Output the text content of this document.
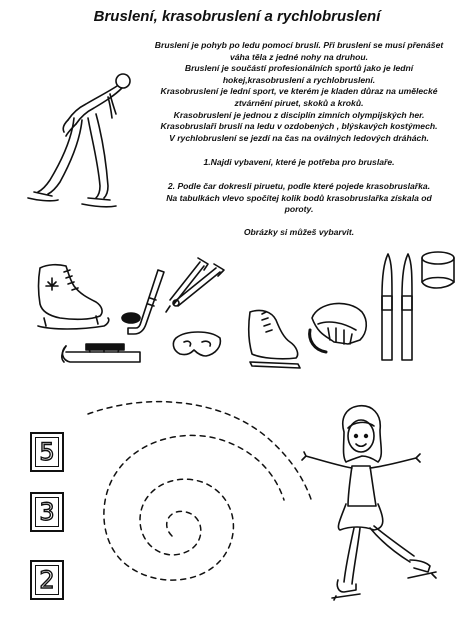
Bruslení, krasobruslení a rychlobruslení
Bruslení je pohyb po ledu pomocí bruslí. Při bruslení se musí přenášet
váha těla z jedné nohy na druhou.
Bruslení je součástí profesionálních sportů jako je lední
hokej,krasobruslení a rychlobruslení.
Krasobruslení je lední sport, ve kterém je kladen důraz na umělecké
ztvárnění piruet, skoků a kroků.
Krasobruslení je jednou z disciplín zimních olympijských her.
Krasobruslaři bruslí na ledu v ozdobených , blýskavých kostýmech.
V rychlobruslení se jezdí na čas na oválných ledových dráhách.
1.Najdi vybavení, které je potřeba pro bruslaře.
2. Podle čar dokresli piruetu, podle které pojede krasobruslařka.
Na tabulkách vlevo spočítej kolik bodů krasobruslařka získala od
poroty.
Obrázky si můžeš vybarvit.
5
3
2
